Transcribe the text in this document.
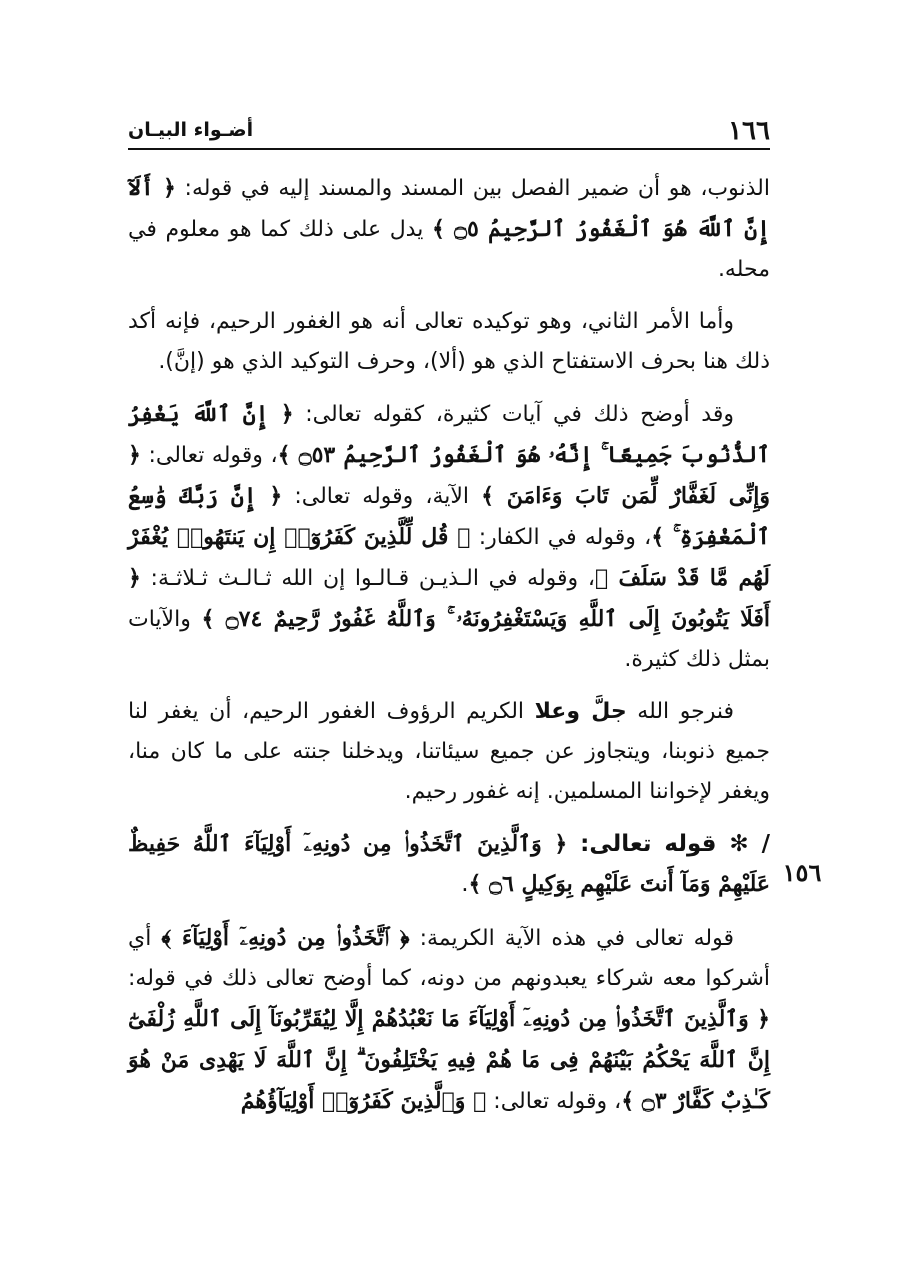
١٦٦
أضـواء البيـان
١٥٦

الذنوب، هو أن ضمير الفصل بين المسند والمسند إليه في قوله: ﴿ أَلَآ إِنَّ ٱللَّهَ هُوَ ٱلْغَفُورُ ٱلرَّحِيمُ ۝٥ ﴾ يدل على ذلك كما هو معلوم في محله.

وأما الأمر الثاني، وهو توكيده تعالى أنه هو الغفور الرحيم، فإنه أكد ذلك هنا بحرف الاستفتاح الذي هو (ألا)، وحرف التوكيد الذي هو (إنَّ).

وقد أوضح ذلك في آيات كثيرة، كقوله تعالى: ﴿ إِنَّ ٱللَّهَ يَغْفِرُ ٱلذُّنُوبَ جَمِيعًا ۚ إِنَّهُۥ هُوَ ٱلْغَفُورُ ٱلرَّحِيمُ ۝٥٣ ﴾، وقوله تعالى: ﴿ وَإِنِّى لَغَفَّارٌ لِّمَن تَابَ وَءَامَنَ ﴾ الآية، وقوله تعالى: ﴿ إِنَّ رَبَّكَ وَٰسِعُ ٱلْمَغْفِرَةِ ۚ ﴾، وقوله في الكفار: ﴿ قُل لِّلَّذِينَ كَفَرُوٓا۟ إِن يَنتَهُوا۟ يُغْفَرْ لَهُم مَّا قَدْ سَلَفَ ﴾، وقوله في الـذيـن قـالـوا إن الله ثـالـث ثـلاثـة: ﴿ أَفَلَا يَتُوبُونَ إِلَى ٱللَّهِ وَيَسْتَغْفِرُونَهُۥ ۚ وَٱللَّهُ غَفُورٌ رَّحِيمٌ ۝٧٤ ﴾ والآيات بمثل ذلك كثيرة.

فنرجو الله جلَّ وعلا الكريم الرؤوف الغفور الرحيم، أن يغفر لنا جميع ذنوبنا، ويتجاوز عن جميع سيئاتنا، ويدخلنا جنته على ما كان منا، ويغفر لإخواننا المسلمين. إنه غفور رحيم.

/ ✻ قوله تعالى: ﴿ وَٱلَّذِينَ ٱتَّخَذُوا۟ مِن دُونِهِۦٓ أَوْلِيَآءَ ٱللَّهُ حَفِيظٌ عَلَيْهِمْ وَمَآ أَنتَ عَلَيْهِم بِوَكِيلٍ ۝٦ ﴾.

قوله تعالى في هذه الآية الكريمة: ﴿ ٱتَّخَذُوا۟ مِن دُونِهِۦٓ أَوْلِيَآءَ ﴾ أي أشركوا معه شركاء يعبدونهم من دونه، كما أوضح تعالى ذلك في قوله: ﴿ وَٱلَّذِينَ ٱتَّخَذُوا۟ مِن دُونِهِۦٓ أَوْلِيَآءَ مَا نَعْبُدُهُمْ إِلَّا لِيُقَرِّبُونَآ إِلَى ٱللَّهِ زُلْفَىٰٓ إِنَّ ٱللَّهَ يَحْكُمُ بَيْنَهُمْ فِى مَا هُمْ فِيهِ يَخْتَلِفُونَ ۗ إِنَّ ٱللَّهَ لَا يَهْدِى مَنْ هُوَ كَـٰذِبٌ كَفَّارٌ ۝٣ ﴾، وقوله تعالى: ﴿ وَٱلَّذِينَ كَفَرُوٓا۟ أَوْلِيَآؤُهُمُ
